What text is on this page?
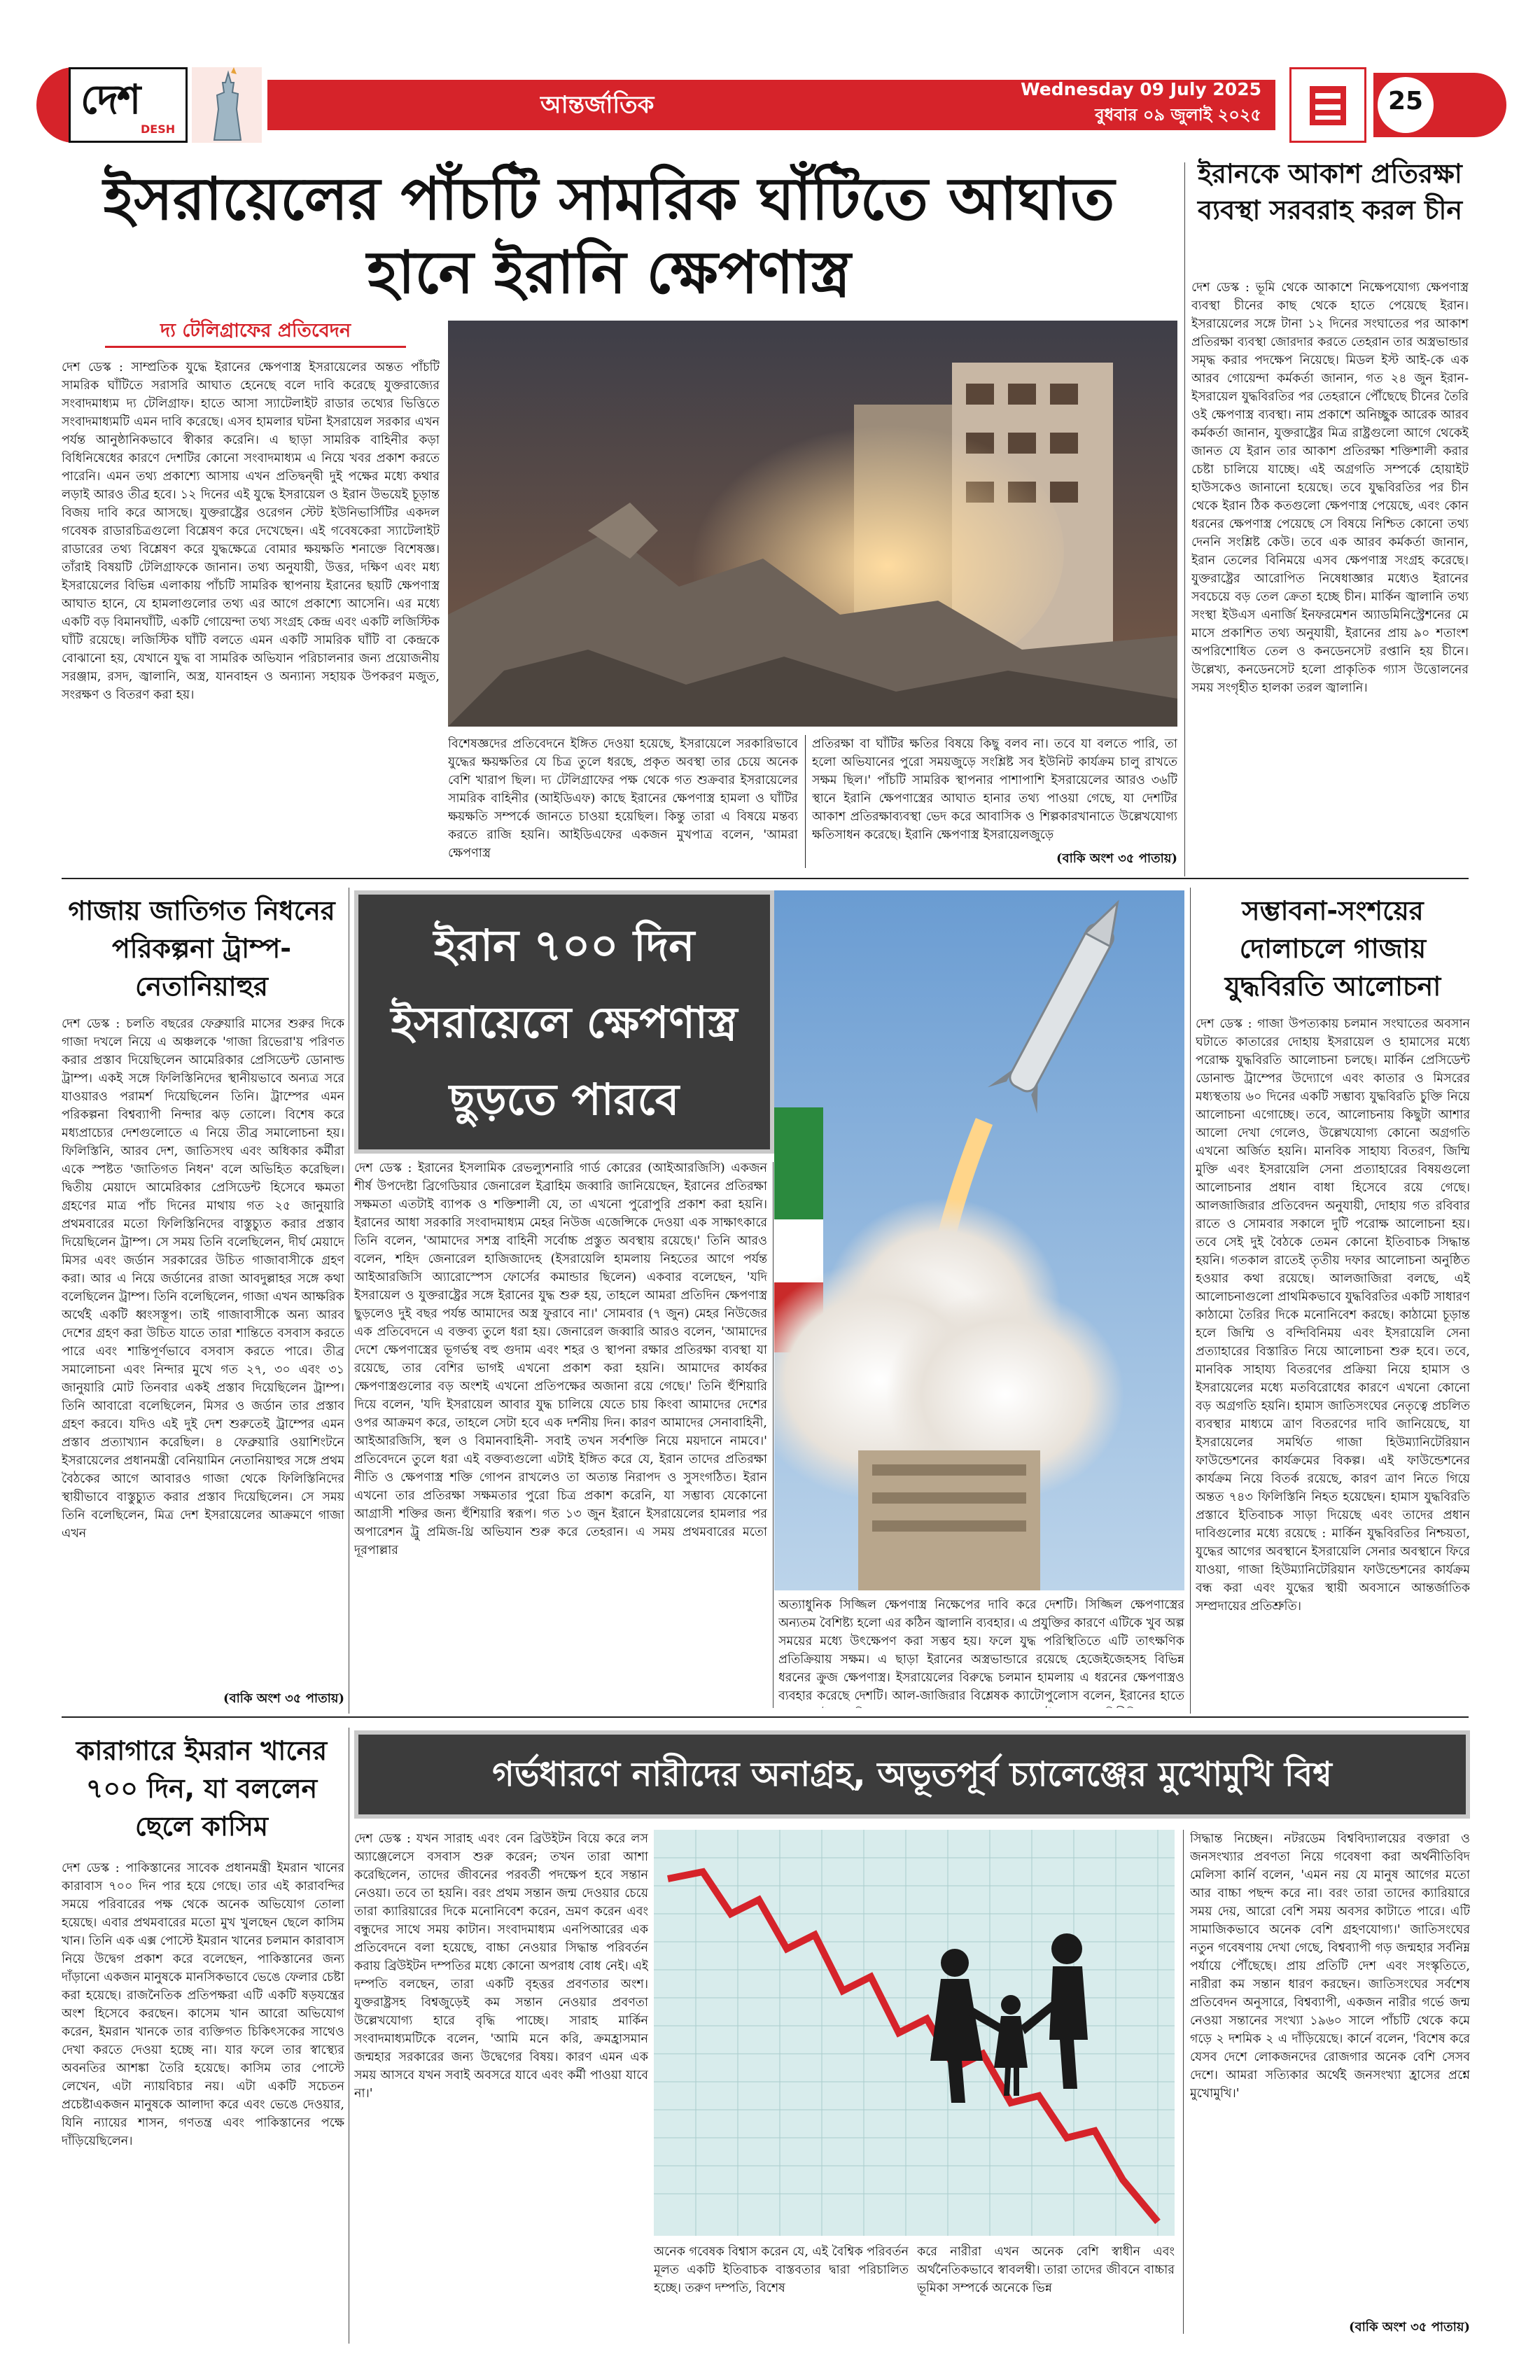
দেশ
DESH
আন্তর্জাতিক
Wednesday 09 July 2025
বুধবার ০৯ জুলাই ২০২৫	25
ইসরায়েলের পাঁচটি সামরিক ঘাঁটিতে আঘাত হানে ইরানি ক্ষেপণাস্ত্র
দ্য টেলিগ্রাফের প্রতিবেদন

দেশ ডেস্ক : সাম্প্রতিক যুদ্ধে ইরানের ক্ষেপণাস্ত্র ইসরায়েলের অন্তত পাঁচটি সামরিক ঘাঁটিতে সরাসরি আঘাত হেনেছে বলে দাবি করেছে যুক্তরাজ্যের সংবাদমাধ্যম দ্য টেলিগ্রাফ। হাতে আসা স্যাটেলাইট রাডার তথ্যের ভিত্তিতে সংবাদমাধ্যমটি এমন দাবি করেছে। এসব হামলার ঘটনা ইসরায়েল সরকার এখন পর্যন্ত আনুষ্ঠানিকভাবে স্বীকার করেনি। এ ছাড়া সামরিক বাহিনীর কড়া বিধিনিষেধের কারণে দেশটির কোনো সংবাদমাধ্যম এ নিয়ে খবর প্রকাশ করতে পারেনি। এমন তথ্য প্রকাশ্যে আসায় এখন প্রতিদ্বন্দ্বী দুই পক্ষের মধ্যে কথার লড়াই আরও তীব্র হবে। ১২ দিনের এই যুদ্ধে ইসরায়েল ও ইরান উভয়েই চূড়ান্ত বিজয় দাবি করে আসছে। যুক্তরাষ্ট্রের ওরেগন স্টেট ইউনিভার্সিটির একদল গবেষক রাডারচিত্রগুলো বিশ্লেষণ করে দেখেছেন। এই গবেষকেরা স্যাটেলাইট রাডারের তথ্য বিশ্লেষণ করে যুদ্ধক্ষেত্রে বোমার ক্ষয়ক্ষতি শনাক্তে বিশেষজ্ঞ। তাঁরাই বিষয়টি টেলিগ্রাফকে জানান। তথ্য অনুযায়ী, উত্তর, দক্ষিণ এবং মধ্য ইসরায়েলের বিভিন্ন এলাকায় পাঁচটি সামরিক স্থাপনায় ইরানের ছয়টি ক্ষেপণাস্ত্র আঘাত হানে, যে হামলাগুলোর তথ্য এর আগে প্রকাশ্যে আসেনি। এর মধ্যে একটি বড় বিমানঘাঁটি, একটি গোয়েন্দা তথ্য সংগ্রহ কেন্দ্র এবং একটি লজিস্টিক ঘাঁটি রয়েছে। লজিস্টিক ঘাঁটি বলতে এমন একটি সামরিক ঘাঁটি বা কেন্দ্রকে বোঝানো হয়, যেখানে যুদ্ধ বা সামরিক অভিযান পরিচালনার জন্য প্রয়োজনীয় সরঞ্জাম, রসদ, জ্বালানি, অস্ত্র, যানবাহন ও অন্যান্য সহায়ক উপকরণ মজুত, সংরক্ষণ ও বিতরণ করা হয়।

বিশেষজ্ঞদের প্রতিবেদনে ইঙ্গিত দেওয়া হয়েছে, ইসরায়েলে সরকারিভাবে যুদ্ধের ক্ষয়ক্ষতির যে চিত্র তুলে ধরছে, প্রকৃত অবস্থা তার চেয়ে অনেক বেশি খারাপ ছিল। দ্য টেলিগ্রাফের পক্ষ থেকে গত শুক্রবার ইসরায়েলের সামরিক বাহিনীর (আইডিএফ) কাছে ইরানের ক্ষেপণাস্ত্র হামলা ও ঘাঁটির ক্ষয়ক্ষতি সম্পর্কে জানতে চাওয়া হয়েছিল। কিন্তু তারা এ বিষয়ে মন্তব্য করতে রাজি হয়নি। আইডিএফের একজন মুখপাত্র বলেন, 'আমরা ক্ষেপণাস্ত্র

প্রতিরক্ষা বা ঘাঁটির ক্ষতির বিষয়ে কিছু বলব না। তবে যা বলতে পারি, তা হলো অভিযানের পুরো সময়জুড়ে সংশ্লিষ্ট সব ইউনিট কার্যক্রম চালু রাখতে সক্ষম ছিল।' পাঁচটি সামরিক স্থাপনার পাশাপাশি ইসরায়েলের আরও ৩৬টি স্থানে ইরানি ক্ষেপণাস্ত্রের আঘাত হানার তথ্য পাওয়া গেছে, যা দেশটির আকাশ প্রতিরক্ষাব্যবস্থা ভেদ করে আবাসিক ও শিল্পকারখানাতে উল্লেখযোগ্য ক্ষতিসাধন করেছে। ইরানি ক্ষেপণাস্ত্র ইসরায়েলজুড়ে

(বাকি অংশ ৩৫ পাতায়)
ইরানকে আকাশ প্রতিরক্ষা ব্যবস্থা সরবরাহ করল চীন

দেশ ডেস্ক : ভূমি থেকে আকাশে নিক্ষেপযোগ্য ক্ষেপণাস্ত্র ব্যবস্থা চীনের কাছ থেকে হাতে পেয়েছে ইরান। ইসরায়েলের সঙ্গে টানা ১২ দিনের সংঘাতের পর আকাশ প্রতিরক্ষা ব্যবস্থা জোরদার করতে তেহরান তার অস্ত্রভান্ডার সমৃদ্ধ করার পদক্ষেপ নিয়েছে। মিডল ইস্ট আই-কে এক আরব গোয়েন্দা কর্মকর্তা জানান, গত ২৪ জুন ইরান-ইসরায়েল যুদ্ধবিরতির পর তেহরানে পৌঁছেছে চীনের তৈরি ওই ক্ষেপণাস্ত্র ব্যবস্থা। নাম প্রকাশে অনিচ্ছুক আরেক আরব কর্মকর্তা জানান, যুক্তরাষ্ট্রের মিত্র রাষ্ট্রগুলো আগে থেকেই জানত যে ইরান তার আকাশ প্রতিরক্ষা শক্তিশালী করার চেষ্টা চালিয়ে যাচ্ছে। এই অগ্রগতি সম্পর্কে হোয়াইট হাউসকেও জানানো হয়েছে। তবে যুদ্ধবিরতির পর চীন থেকে ইরান ঠিক কতগুলো ক্ষেপণাস্ত্র পেয়েছে, এবং কোন ধরনের ক্ষেপণাস্ত্র পেয়েছে সে বিষয়ে নিশ্চিত কোনো তথ্য দেননি সংশ্লিষ্ট কেউ। তবে এক আরব কর্মকর্তা জানান, ইরান তেলের বিনিময়ে এসব ক্ষেপণাস্ত্র সংগ্রহ করেছে। যুক্তরাষ্ট্রের আরোপিত নিষেধাজ্ঞার মধ্যেও ইরানের সবচেয়ে বড় তেল ক্রেতা হচ্ছে চীন। মার্কিন জ্বালানি তথ্য সংস্থা ইউএস এনার্জি ইনফরমেশন অ্যাডমিনিস্ট্রেশনের মে মাসে প্রকাশিত তথ্য অনুযায়ী, ইরানের প্রায় ৯০ শতাংশ অপরিশোধিত তেল ও কনডেনসেট রপ্তানি হয় চীনে। উল্লেখ্য, কনডেনসেট হলো প্রাকৃতিক গ্যাস উত্তোলনের সময় সংগৃহীত হালকা তরল জ্বালানি।

গাজায় জাতিগত নিধনের পরিকল্পনা ট্রাম্প-নেতানিয়াহুর

দেশ ডেস্ক : চলতি বছরের ফেব্রুয়ারি মাসের শুরুর দিকে গাজা দখলে নিয়ে এ অঞ্চলকে 'গাজা রিভেরা'য় পরিণত করার প্রস্তাব দিয়েছিলেন আমেরিকার প্রেসিডেন্ট ডোনাল্ড ট্রাম্প। একই সঙ্গে ফিলিস্তিনিদের স্থানীয়ভাবে অন্যত্র সরে যাওয়ারও পরামর্শ দিয়েছিলেন তিনি। ট্রাম্পের এমন পরিকল্পনা বিশ্বব্যাপী নিন্দার ঝড় তোলে। বিশেষ করে মধ্যপ্রাচ্যের দেশগুলোতে এ নিয়ে তীব্র সমালোচনা হয়। ফিলিস্তিনি, আরব দেশ, জাতিসংঘ এবং অধিকার কর্মীরা একে স্পষ্টত 'জাতিগত নিধন' বলে অভিহিত করেছিল। দ্বিতীয় মেয়াদে আমেরিকার প্রেসিডেন্ট হিসেবে ক্ষমতা গ্রহণের মাত্র পাঁচ দিনের মাথায় গত ২৫ জানুয়ারি প্রথমবারের মতো ফিলিস্তিনিদের বাস্তুচ্যুত করার প্রস্তাব দিয়েছিলেন ট্রাম্প। সে সময় তিনি বলেছিলেন, দীর্ঘ মেয়াদে মিসর এবং জর্ডান সরকারের উচিত গাজাবাসীকে গ্রহণ করা। আর এ নিয়ে জর্ডানের রাজা আবদুল্লাহর সঙ্গে কথা বলেছিলেন ট্রাম্প। তিনি বলেছিলেন, গাজা এখন আক্ষরিক অর্থেই একটি ধ্বংসস্তূপ। তাই গাজাবাসীকে অন্য আরব দেশের গ্রহণ করা উচিত যাতে তারা শান্তিতে বসবাস করতে পারে এবং শান্তিপূর্ণভাবে বসবাস করতে পারে। তীব্র সমালোচনা এবং নিন্দার মুখে গত ২৭, ৩০ এবং ৩১ জানুয়ারি মোট তিনবার একই প্রস্তাব দিয়েছিলেন ট্রাম্প। তিনি আবারো বলেছিলেন, মিসর ও জর্ডান তার প্রস্তাব গ্রহণ করবে। যদিও এই দুই দেশ শুরুতেই ট্রাম্পের এমন প্রস্তাব প্রত্যাখ্যান করেছিল। ৪ ফেব্রুয়ারি ওয়াশিংটনে ইসরায়েলের প্রধানমন্ত্রী বেনিয়ামিন নেতানিয়াহুর সঙ্গে প্রথম বৈঠকের আগে আবারও গাজা থেকে ফিলিস্তিনিদের স্থায়ীভাবে বাস্তুচ্যুত করার প্রস্তাব দিয়েছিলেন। সে সময় তিনি বলেছিলেন, মিত্র দেশ ইসরায়েলের আক্রমণে গাজা এখন

(বাকি অংশ ৩৫ পাতায়)
ইরান ৭০০ দিন ইসরায়েলে ক্ষেপণাস্ত্র ছুড়তে পারবে

দেশ ডেস্ক : ইরানের ইসলামিক রেভল্যুশনারি গার্ড কোরের (আইআরজিসি) একজন শীর্ষ উপদেষ্টা ব্রিগেডিয়ার জেনারেল ইব্রাহিম জব্বারি জানিয়েছেন, ইরানের প্রতিরক্ষা সক্ষমতা এতটাই ব্যাপক ও শক্তিশালী যে, তা এখনো পুরোপুরি প্রকাশ করা হয়নি। ইরানের আধা সরকারি সংবাদমাধ্যম মেহর নিউজ এজেন্সিকে দেওয়া এক সাক্ষাৎকারে তিনি বলেন, 'আমাদের সশস্ত্র বাহিনী সর্বোচ্চ প্রস্তুত অবস্থায় রয়েছে।' তিনি আরও বলেন, শহিদ জেনারেল হাজিজাদেহ (ইসরায়েলি হামলায় নিহতের আগে পর্যন্ত আইআরজিসি অ্যারোস্পেস ফোর্সের কমান্ডার ছিলেন) একবার বলেছেন, 'যদি ইসরায়েল ও যুক্তরাষ্ট্রের সঙ্গে ইরানের যুদ্ধ শুরু হয়, তাহলে আমরা প্রতিদিন ক্ষেপণাস্ত্র ছুড়লেও দুই বছর পর্যন্ত আমাদের অস্ত্র ফুরাবে না।' সোমবার (৭ জুন) মেহর নিউজের এক প্রতিবেদনে এ বক্তব্য তুলে ধরা হয়। জেনারেল জব্বারি আরও বলেন, 'আমাদের দেশে ক্ষেপণাস্ত্রের ভূগর্ভস্থ বহু গুদাম এবং শহর ও স্থাপনা রক্ষার প্রতিরক্ষা ব্যবস্থা যা রয়েছে, তার বেশির ভাগই এখনো প্রকাশ করা হয়নি। আমাদের কার্যকর ক্ষেপণাস্ত্রগুলোর বড় অংশই এখনো প্রতিপক্ষের অজানা রয়ে গেছে।' তিনি হুঁশিয়ারি দিয়ে বলেন, 'যদি ইসরায়েল আবার যুদ্ধ চালিয়ে যেতে চায় কিংবা আমাদের দেশের ওপর আক্রমণ করে, তাহলে সেটা হবে এক দর্শনীয় দিন। কারণ আমাদের সেনাবাহিনী, আইআরজিসি, স্থল ও বিমানবাহিনী- সবাই তখন সর্বশক্তি নিয়ে ময়দানে নামবে।' প্রতিবেদনে তুলে ধরা এই বক্তব্যগুলো এটাই ইঙ্গিত করে যে, ইরান তাদের প্রতিরক্ষা নীতি ও ক্ষেপণাস্ত্র শক্তি গোপন রাখলেও তা অত্যন্ত নিরাপদ ও সুসংগঠিত। ইরান এখনো তার প্রতিরক্ষা সক্ষমতার পুরো চিত্র প্রকাশ করেনি, যা সম্ভাব্য যেকোনো আগ্রাসী শক্তির জন্য হুঁশিয়ারি স্বরূপ। গত ১৩ জুন ইরানে ইসরায়েলের হামলার পর অপারেশন ট্রু প্রমিজ-থ্রি অভিযান শুরু করে তেহরান। এ সময় প্রথমবারের মতো দূরপাল্লার

অত্যাধুনিক সিজ্জিল ক্ষেপণাস্ত্র নিক্ষেপের দাবি করে দেশটি। সিজ্জিল ক্ষেপণাস্ত্রের অন্যতম বৈশিষ্ট্য হলো এর কঠিন জ্বালানি ব্যবহার। এ প্রযুক্তির কারণে এটিকে খুব অল্প সময়ের মধ্যে উৎক্ষেপণ করা সম্ভব হয়। ফলে যুদ্ধ পরিস্থিতিতে এটি তাৎক্ষণিক প্রতিক্রিয়ায় সক্ষম। এ ছাড়া ইরানের অস্ত্রভান্ডারে রয়েছে হেজেইজেহসহ বিভিন্ন ধরনের ক্রুজ ক্ষেপণাস্ত্র। ইসরায়েলের বিরুদ্ধে চলমান হামলায় এ ধরনের ক্ষেপণাস্ত্রও ব্যবহার করেছে দেশটি। আল-জাজিরার বিশ্লেষক ক্যাটোপুলোস বলেন, ইরানের হাতে

সম্ভাবনা-সংশয়ের দোলাচলে গাজায় যুদ্ধবিরতি আলোচনা

দেশ ডেস্ক : গাজা উপত্যকায় চলমান সংঘাতের অবসান ঘটাতে কাতারের দোহায় ইসরায়েল ও হামাসের মধ্যে পরোক্ষ যুদ্ধবিরতি আলোচনা চলছে। মার্কিন প্রেসিডেন্ট ডোনাল্ড ট্রাম্পের উদ্যোগে এবং কাতার ও মিসরের মধ্যস্থতায় ৬০ দিনের একটি সম্ভাব্য যুদ্ধবিরতি চুক্তি নিয়ে আলোচনা এগোচ্ছে। তবে, আলোচনায় কিছুটা আশার আলো দেখা গেলেও, উল্লেখযোগ্য কোনো অগ্রগতি এখনো অর্জিত হয়নি। মানবিক সাহায্য বিতরণ, জিম্মি মুক্তি এবং ইসরায়েলি সেনা প্রত্যাহারের বিষয়গুলো আলোচনার প্রধান বাধা হিসেবে রয়ে গেছে। আলজাজিরার প্রতিবেদন অনুযায়ী, দোহায় গত রবিবার রাতে ও সোমবার সকালে দুটি পরোক্ষ আলোচনা হয়। তবে সেই দুই বৈঠকে তেমন কোনো ইতিবাচক সিদ্ধান্ত হয়নি। গতকাল রাতেই তৃতীয় দফার আলোচনা অনুষ্ঠিত হওয়ার কথা রয়েছে। আলজাজিরা বলছে, এই আলোচনাগুলো প্রাথমিকভাবে যুদ্ধবিরতির একটি সাধারণ কাঠামো তৈরির দিকে মনোনিবেশ করছে। কাঠামো চূড়ান্ত হলে জিম্মি ও বন্দিবিনিময় এবং ইসরায়েলি সেনা প্রত্যাহারের বিস্তারিত নিয়ে আলোচনা শুরু হবে। তবে, মানবিক সাহায্য বিতরণের প্রক্রিয়া নিয়ে হামাস ও ইসরায়েলের মধ্যে মতবিরোধের কারণে এখনো কোনো বড় অগ্রগতি হয়নি। হামাস জাতিসংঘের নেতৃত্বে প্রচলিত ব্যবস্থার মাধ্যমে ত্রাণ বিতরণের দাবি জানিয়েছে, যা ইসরায়েলের সমর্থিত গাজা হিউম্যানিটেরিয়ান ফাউন্ডেশনের কার্যক্রমের বিকল্প। এই ফাউন্ডেশনের কার্যক্রম নিয়ে বিতর্ক রয়েছে, কারণ ত্রাণ নিতে গিয়ে অন্তত ৭৪৩ ফিলিস্তিনি নিহত হয়েছেন। হামাস যুদ্ধবিরতি প্রস্তাবে ইতিবাচক সাড়া দিয়েছে এবং তাদের প্রধান দাবিগুলোর মধ্যে রয়েছে : মার্কিন যুদ্ধবিরতির নিশ্চয়তা, যুদ্ধের আগের অবস্থানে ইসরায়েলি সেনার অবস্থানে ফিরে যাওয়া, গাজা হিউম্যানিটেরিয়ান ফাউন্ডেশনের কার্যক্রম বন্ধ করা এবং যুদ্ধের স্থায়ী অবসানে আন্তর্জাতিক সম্প্রদায়ের প্রতিশ্রুতি।

কারাগারে ইমরান খানের ৭০০ দিন, যা বললেন ছেলে কাসিম

দেশ ডেস্ক : পাকিস্তানের সাবেক প্রধানমন্ত্রী ইমরান খানের কারাবাস ৭০০ দিন পার হয়ে গেছে। তার এই কারাবন্দির সময়ে পরিবারের পক্ষ থেকে অনেক অভিযোগ তোলা হয়েছে। এবার প্রথমবারের মতো মুখ খুলছেন ছেলে কাসিম খান। তিনি এক এক্স পোস্টে ইমরান খানের চলমান কারাবাস নিয়ে উদ্বেগ প্রকাশ করে বলেছেন, পাকিস্তানের জন্য দাঁড়ানো একজন মানুষকে মানসিকভাবে ভেঙে ফেলার চেষ্টা করা হয়েছে। রাজনৈতিক প্রতিপক্ষরা এটি একটি ষড়যন্ত্রের অংশ হিসেবে করছেন। কাসেম খান আরো অভিযোগ করেন, ইমরান খানকে তার ব্যক্তিগত চিকিৎসকের সাথেও দেখা করতে দেওয়া হচ্ছে না। যার ফলে তার স্বাস্থ্যের অবনতির আশঙ্কা তৈরি হয়েছে। কাসিম তার পোস্টে লেখেন, এটা ন্যায়বিচার নয়। এটা একটি সচেতন প্রচেষ্টাএকজন মানুষকে আলাদা করে এবং ভেঙে দেওয়ার, যিনি ন্যায়ের শাসন, গণতন্ত্র এবং পাকিস্তানের পক্ষে দাঁড়িয়েছিলেন।

গর্ভধারণে নারীদের অনাগ্রহ, অভূতপূর্ব চ্যালেঞ্জের মুখোমুখি বিশ্ব

দেশ ডেস্ক : যখন সারাহ এবং বেন ব্রিউইটন বিয়ে করে লস অ্যাঞ্জেলেসে বসবাস শুরু করেন; তখন তারা আশা করেছিলেন, তাদের জীবনের পরবর্তী পদক্ষেপ হবে সন্তান নেওয়া। তবে তা হয়নি। বরং প্রথম সন্তান জন্ম দেওয়ার চেয়ে তারা ক্যারিয়ারের দিকে মনোনিবেশ করেন, ভ্রমণ করেন এবং বন্ধুদের সাথে সময় কাটান। সংবাদমাধ্যম এনপিআরের এক প্রতিবেদনে বলা হয়েছে, বাচ্চা নেওয়ার সিদ্ধান্ত পরিবর্তন করায় ব্রিউইটন দম্পতির মধ্যে কোনো অপরাধ বোধ নেই। এই দম্পতি বলছেন, তারা একটি বৃহত্তর প্রবণতার অংশ। যুক্তরাষ্ট্রসহ বিশ্বজুড়েই কম সন্তান নেওয়ার প্রবণতা উল্লেখযোগ্য হারে বৃদ্ধি পাচ্ছে। সারাহ মার্কিন সংবাদমাধ্যমটিকে বলেন, 'আমি মনে করি, ক্রমহ্রাসমান জন্মহার সরকারের জন্য উদ্বেগের বিষয়। কারণ এমন এক সময় আসবে যখন সবাই অবসরে যাবে এবং কর্মী পাওয়া যাবে না।'

অনেক গবেষক বিশ্বাস করেন যে, এই বৈশ্বিক পরিবর্তন মূলত একটি ইতিবাচক বাস্তবতার দ্বারা পরিচালিত হচ্ছে। তরুণ দম্পতি, বিশেষ

করে নারীরা এখন অনেক বেশি স্বাধীন এবং অর্থনৈতিকভাবে স্বাবলম্বী। তারা তাদের জীবনে বাচ্চার ভূমিকা সম্পর্কে অনেকে ভিন্ন

সিদ্ধান্ত নিচ্ছেন। নটরডেম বিশ্ববিদ্যালয়ের বক্তারা ও জনসংখ্যার প্রবণতা নিয়ে গবেষণা করা অর্থনীতিবিদ মেলিসা কার্নি বলেন, 'এমন নয় যে মানুষ আগের মতো আর বাচ্চা পছন্দ করে না। বরং তারা তাদের ক্যারিয়ারে সময় দেয়, আরো বেশি সময় অবসর কাটাতে পারে। এটি সামাজিকভাবে অনেক বেশি গ্রহণযোগ্য।' জাতিসংঘের নতুন গবেষণায় দেখা গেছে, বিশ্বব্যাপী গড় জন্মহার সর্বনিম্ন পর্যায়ে পৌঁছেছে। প্রায় প্রতিটি দেশ এবং সংস্কৃতিতে, নারীরা কম সন্তান ধারণ করছেন। জাতিসংঘের সর্বশেষ প্রতিবেদন অনুসারে, বিশ্বব্যাপী, একজন নারীর গর্ভে জন্ম নেওয়া সন্তানের সংখ্যা ১৯৬০ সালে পাঁচটি থেকে কমে গড়ে ২ দশমিক ২ এ দাঁড়িয়েছে। কার্নে বলেন, 'বিশেষ করে যেসব দেশে লোকজনদের রোজগার অনেক বেশি সেসব দেশে। আমরা সত্যিকার অর্থেই জনসংখ্যা হ্রাসের প্রশ্নে মুখোমুখি।'

(বাকি অংশ ৩৫ পাতায়)
